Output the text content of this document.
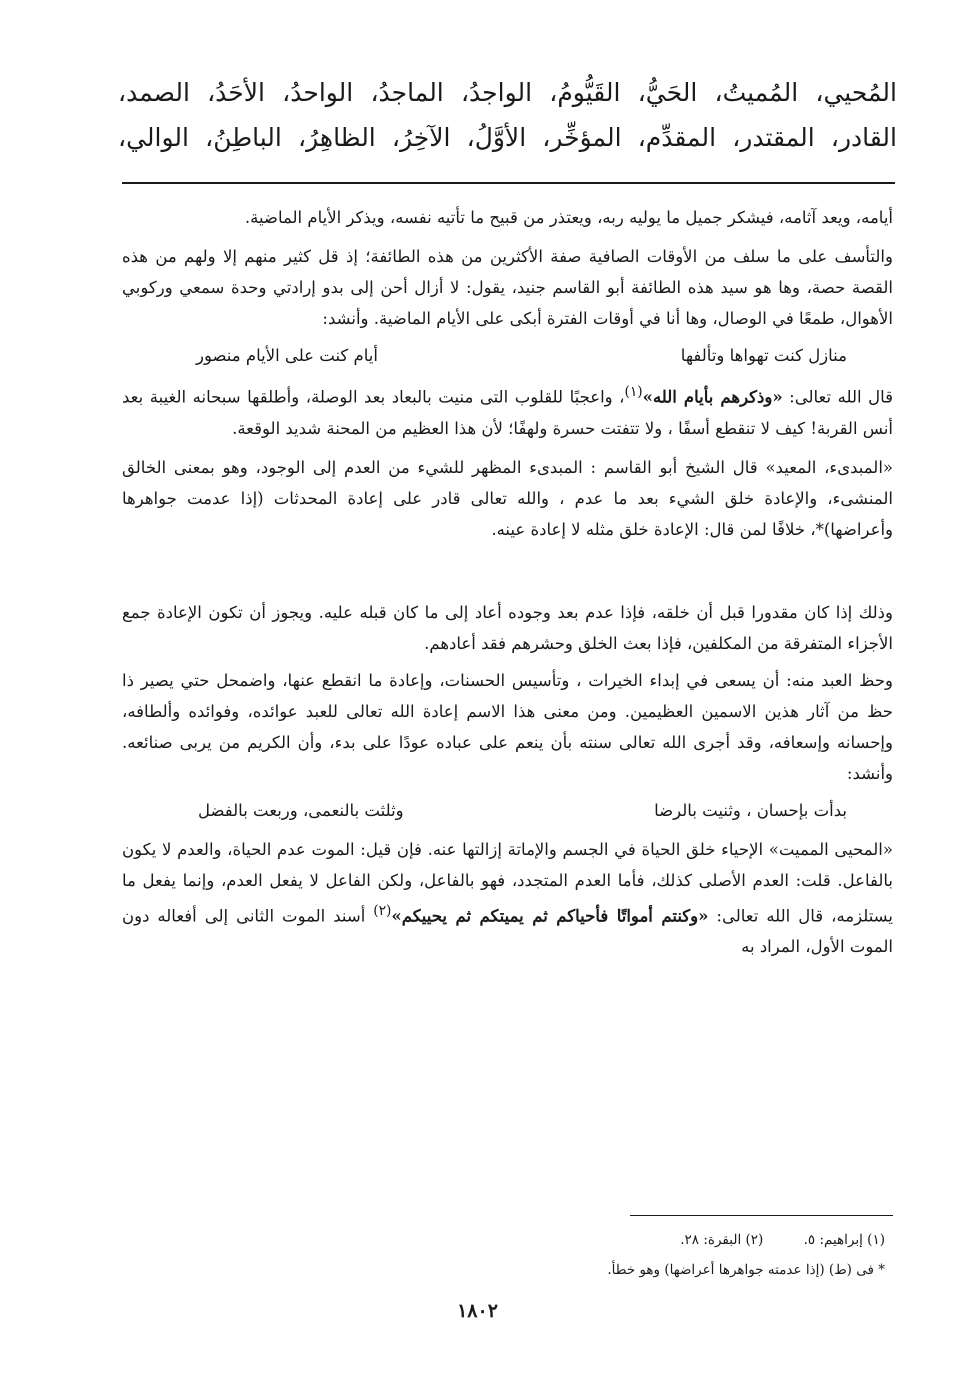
المُحيي، المُميتُ، الحَيُّ، القَيُّومُ، الواجدُ، الماجدُ، الواحدُ، الأحَدُ، الصمد،
القادر، المقتدر، المقدِّم، المؤخِّر، الأوَّلُ، الآخِرُ، الظاهِرُ، الباطِنُ، الوالي،

أيامه، ويعد آثامه، فيشكر جميل ما يوليه ربه، ويعتذر من قبيح ما تأتيه نفسه، ويذكر الأيام الماضية.

والتأسف على ما سلف من الأوقات الصافية صفة الأكثرين من هذه الطائفة؛ إذ قل كثير منهم إلا ولهم من هذه القصة حصة، وها هو سيد هذه الطائفة أبو القاسم جنيد، يقول: لا أزال أحن إلى بدو إرادتي وحدة سمعي وركوبي الأهوال، طمعًا في الوصال، وها أنا في أوقات الفترة أبكى على الأيام الماضية. وأنشد:

منازل كنت تهواها وتألفها
أيام كنت على الأيام منصور

قال الله تعالى: «وذكرهم بأيام الله»$^{(١)}$، واعجبًا للقلوب التى منيت بالبعاد بعد الوصلة، وأطلقها سبحانه الغيبة بعد أنس القربة! كيف لا تنقطع أسفًا ، ولا تتفتت حسرة ولهفًا؛ لأن هذا العظيم من المحنة شديد الوقعة.

«المبدىء، المعيد» قال الشيخ أبو القاسم : المبدىء المظهر للشيء من العدم إلى الوجود، وهو بمعنى الخالق المنشىء، والإعادة خلق الشيء بعد ما عدم ، والله تعالى قادر على إعادة المحدثات (إذا عدمت جواهرها وأعراضها)*، خلافًا لمن قال: الإعادة خلق مثله لا إعادة عينه.

وذلك إذا كان مقدورا قبل أن خلقه، فإذا عدم بعد وجوده أعاد إلى ما كان قبله عليه. ويجوز أن تكون الإعادة جمع الأجزاء المتفرقة من المكلفين، فإذا بعث الخلق وحشرهم فقد أعادهم.

وحظ العبد منه: أن يسعى في إبداء الخيرات ، وتأسيس الحسنات، وإعادة ما انقطع عنها، واضمحل حتي يصير ذا حظ من آثار هذين الاسمين العظيمين. ومن معنى هذا الاسم إعادة الله تعالى للعبد عوائده، وفوائده وألطافه، وإحسانه وإسعافه، وقد أجرى الله تعالى سنته بأن ينعم على عباده عودًا على بدء، وأن الكريم من يربى صنائعه. وأنشد:

بدأت بإحسان ، وثنيت بالرضا
وثلثت بالنعمى، وربعت بالفضل

«المحيى المميت» الإحياء خلق الحياة في الجسم والإماتة إزالتها عنه. فإن قيل: الموت عدم الحياة، والعدم لا يكون بالفاعل. قلت: العدم الأصلى كذلك، فأما العدم المتجدد، فهو بالفاعل، ولكن الفاعل لا يفعل العدم، وإنما يفعل ما يستلزمه، قال الله تعالى: «وكنتم أمواتًا فأحياكم ثم يميتكم ثم يحييكم»$^{(٢)}$ أسند الموت الثانى إلى أفعاله دون الموت الأول، المراد به

(١) إبراهيم: ٥. (٢) البقرة: ٢٨.
* فى (ط) (إذا عدمته جواهرها أعراضها) وهو خطأ.
١٨٠٢
